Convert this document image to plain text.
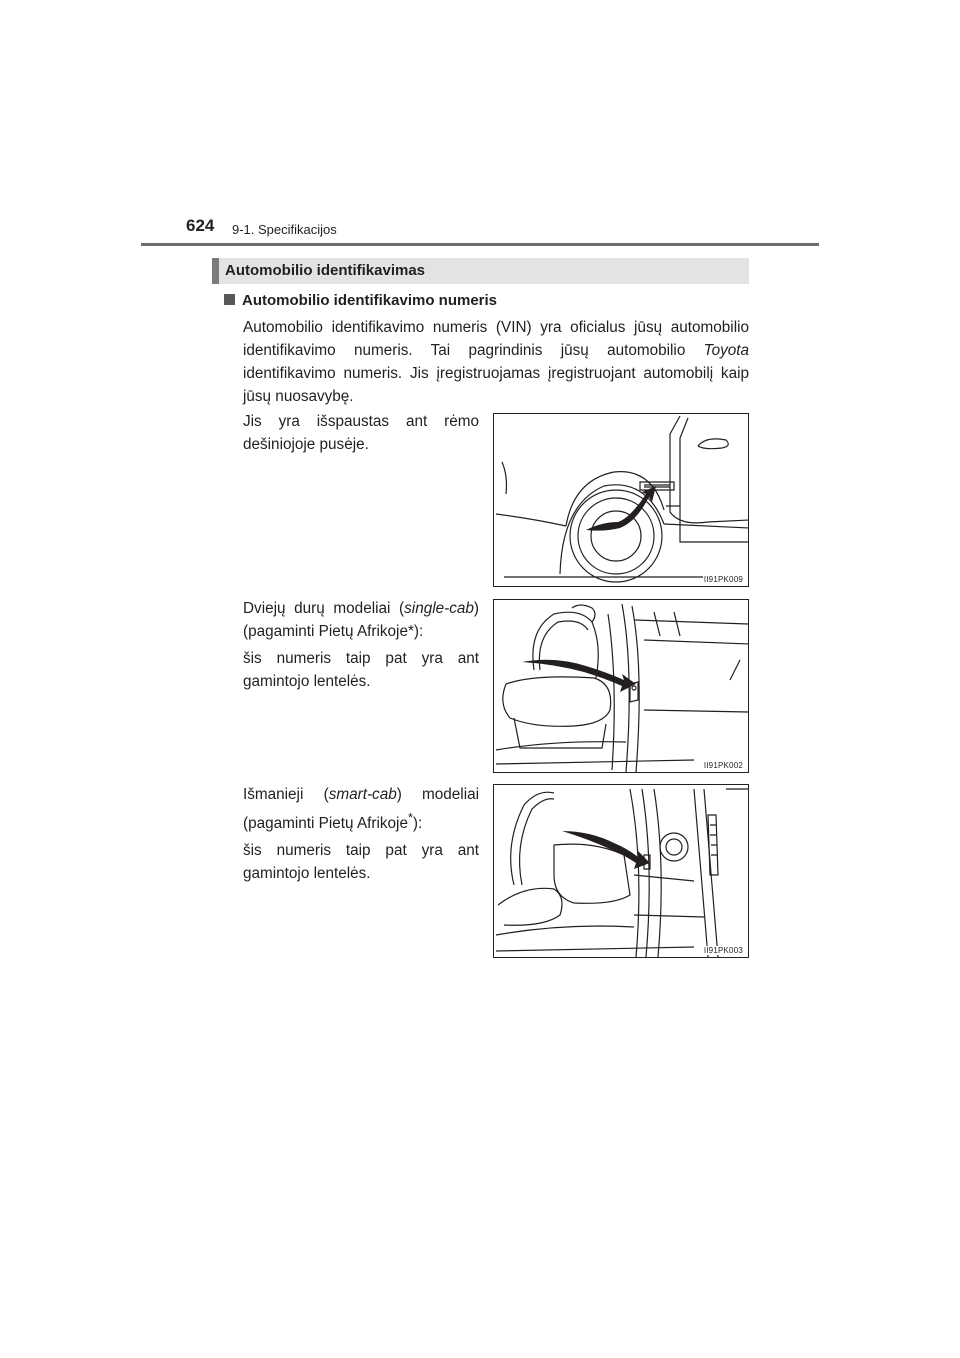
624 9-1. Specifikacijos
Automobilio identifikavimas
Automobilio identifikavimo numeris
Automobilio identifikavimo numeris (VIN) yra oficialus jūsų automobilio identifikavimo numeris. Tai pagrindinis jūsų automobilio Toyota identifikavimo numeris. Jis įregistruojamas įregistruojant automobilį kaip jūsų nuosavybę.

Jis yra išspaustas ant rėmo dešiniojoje pusėje.

II91PK009

Dviejų durų modeliai (single-cab) (pagaminti Pietų Afrikoje*):

šis numeris taip pat yra ant gamintojo lentelės.

II91PK002

Išmanieji (smart-cab) modeliai (pagaminti Pietų Afrikoje*):

šis numeris taip pat yra ant gamintojo lentelės.

II91PK003
